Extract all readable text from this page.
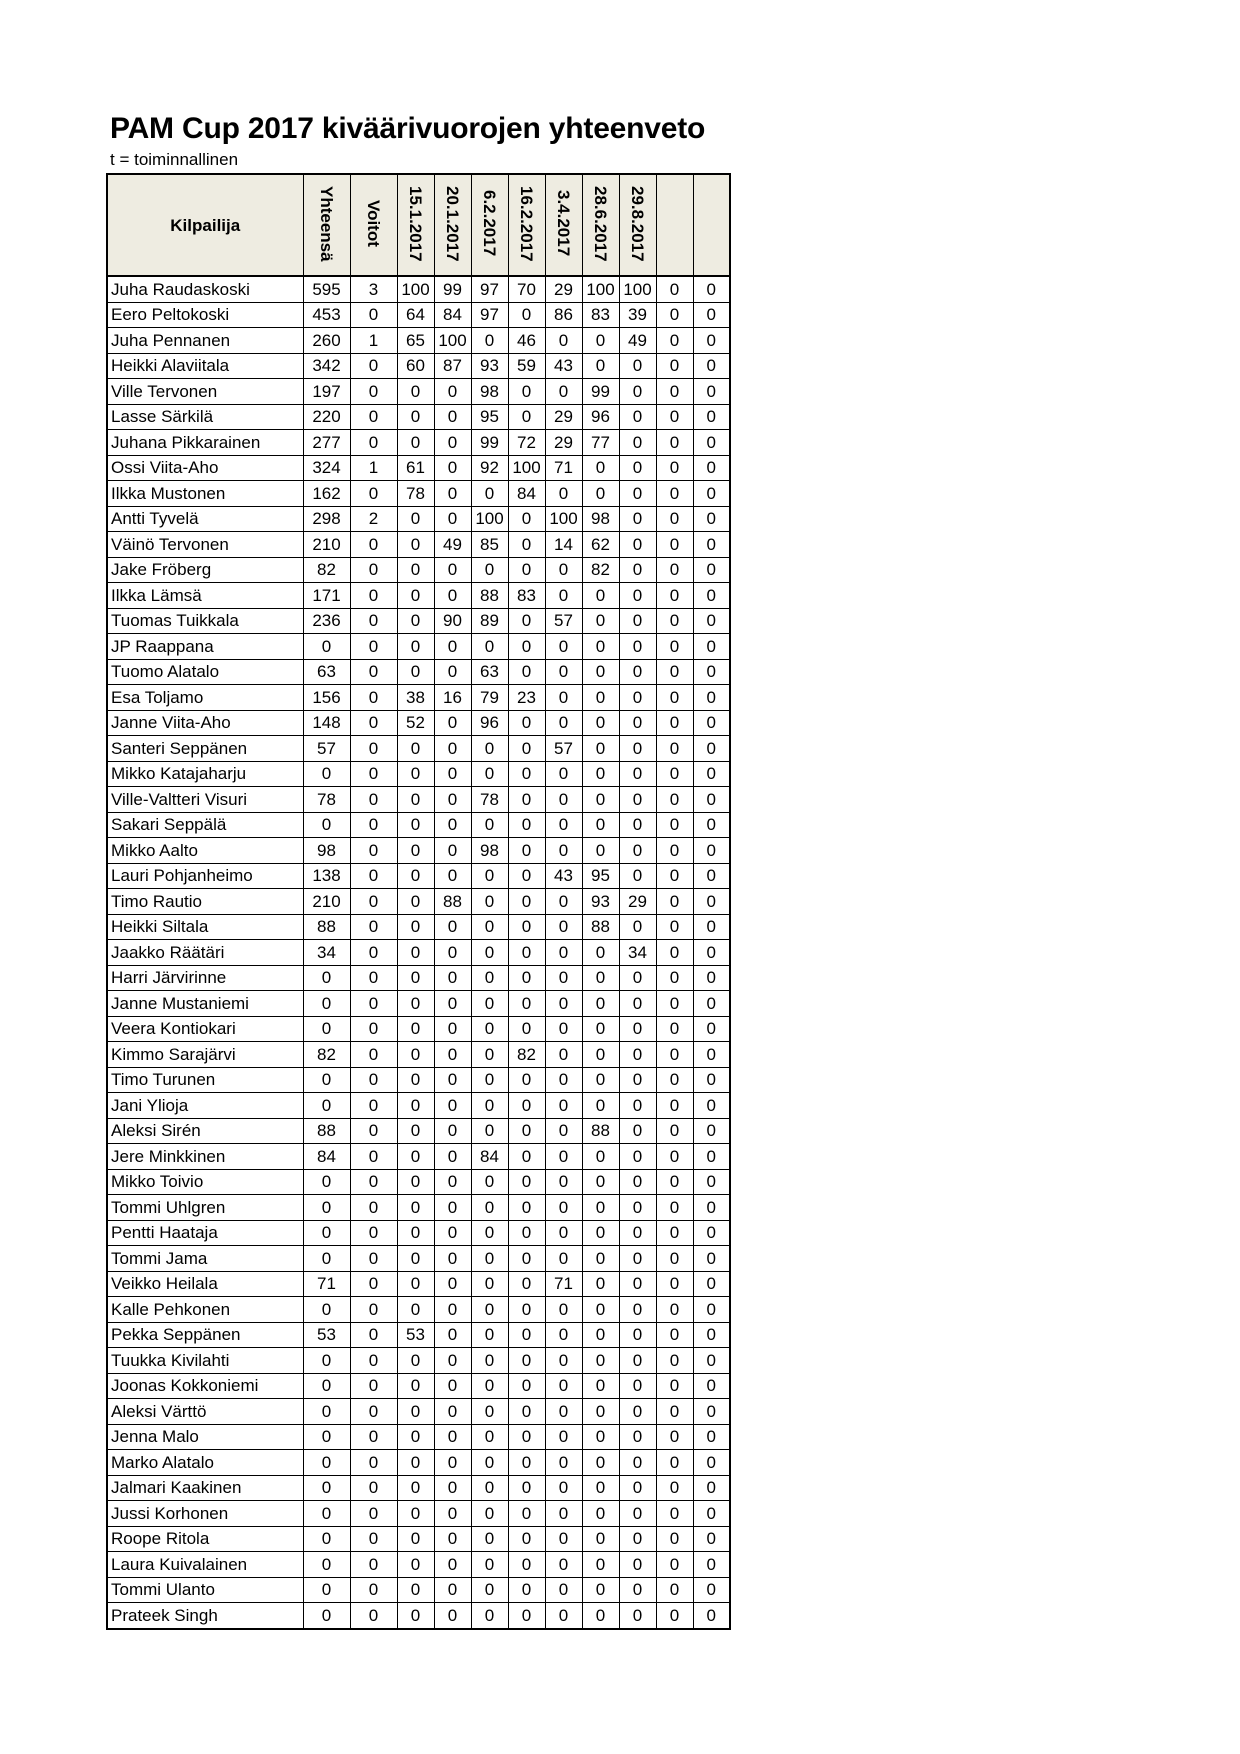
PAM Cup 2017 kiväärivuorojen yhteenveto
t = toiminnallinen
Kilpailija	Yhteensä	Voitot	15.1.2017	20.1.2017	6.2.2017	16.2.2017	3.4.2017	28.6.2017	29.8.2017		
Juha Raudaskoski	595	3	100	99	97	70	29	100	100	0	0
Eero Peltokoski	453	0	64	84	97	0	86	83	39	0	0
Juha Pennanen	260	1	65	100	0	46	0	0	49	0	0
Heikki Alaviitala	342	0	60	87	93	59	43	0	0	0	0
Ville Tervonen	197	0	0	0	98	0	0	99	0	0	0
Lasse Särkilä	220	0	0	0	95	0	29	96	0	0	0
Juhana Pikkarainen	277	0	0	0	99	72	29	77	0	0	0
Ossi Viita-Aho	324	1	61	0	92	100	71	0	0	0	0
Ilkka Mustonen	162	0	78	0	0	84	0	0	0	0	0
Antti Tyvelä	298	2	0	0	100	0	100	98	0	0	0
Väinö Tervonen	210	0	0	49	85	0	14	62	0	0	0
Jake Fröberg	82	0	0	0	0	0	0	82	0	0	0
Ilkka Lämsä	171	0	0	0	88	83	0	0	0	0	0
Tuomas Tuikkala	236	0	0	90	89	0	57	0	0	0	0
JP Raappana	0	0	0	0	0	0	0	0	0	0	0
Tuomo Alatalo	63	0	0	0	63	0	0	0	0	0	0
Esa Toljamo	156	0	38	16	79	23	0	0	0	0	0
Janne Viita-Aho	148	0	52	0	96	0	0	0	0	0	0
Santeri Seppänen	57	0	0	0	0	0	57	0	0	0	0
Mikko Katajaharju	0	0	0	0	0	0	0	0	0	0	0
Ville-Valtteri Visuri	78	0	0	0	78	0	0	0	0	0	0
Sakari Seppälä	0	0	0	0	0	0	0	0	0	0	0
Mikko Aalto	98	0	0	0	98	0	0	0	0	0	0
Lauri Pohjanheimo	138	0	0	0	0	0	43	95	0	0	0
Timo Rautio	210	0	0	88	0	0	0	93	29	0	0
Heikki Siltala	88	0	0	0	0	0	0	88	0	0	0
Jaakko Räätäri	34	0	0	0	0	0	0	0	34	0	0
Harri Järvirinne	0	0	0	0	0	0	0	0	0	0	0
Janne Mustaniemi	0	0	0	0	0	0	0	0	0	0	0
Veera Kontiokari	0	0	0	0	0	0	0	0	0	0	0
Kimmo Sarajärvi	82	0	0	0	0	82	0	0	0	0	0
Timo Turunen	0	0	0	0	0	0	0	0	0	0	0
Jani Ylioja	0	0	0	0	0	0	0	0	0	0	0
Aleksi Sirén	88	0	0	0	0	0	0	88	0	0	0
Jere Minkkinen	84	0	0	0	84	0	0	0	0	0	0
Mikko Toivio	0	0	0	0	0	0	0	0	0	0	0
Tommi Uhlgren	0	0	0	0	0	0	0	0	0	0	0
Pentti Haataja	0	0	0	0	0	0	0	0	0	0	0
Tommi Jama	0	0	0	0	0	0	0	0	0	0	0
Veikko Heilala	71	0	0	0	0	0	71	0	0	0	0
Kalle Pehkonen	0	0	0	0	0	0	0	0	0	0	0
Pekka Seppänen	53	0	53	0	0	0	0	0	0	0	0
Tuukka Kivilahti	0	0	0	0	0	0	0	0	0	0	0
Joonas Kokkoniemi	0	0	0	0	0	0	0	0	0	0	0
Aleksi Värttö	0	0	0	0	0	0	0	0	0	0	0
Jenna Malo	0	0	0	0	0	0	0	0	0	0	0
Marko Alatalo	0	0	0	0	0	0	0	0	0	0	0
Jalmari Kaakinen	0	0	0	0	0	0	0	0	0	0	0
Jussi Korhonen	0	0	0	0	0	0	0	0	0	0	0
Roope Ritola	0	0	0	0	0	0	0	0	0	0	0
Laura Kuivalainen	0	0	0	0	0	0	0	0	0	0	0
Tommi Ulanto	0	0	0	0	0	0	0	0	0	0	0
Prateek Singh	0	0	0	0	0	0	0	0	0	0	0
